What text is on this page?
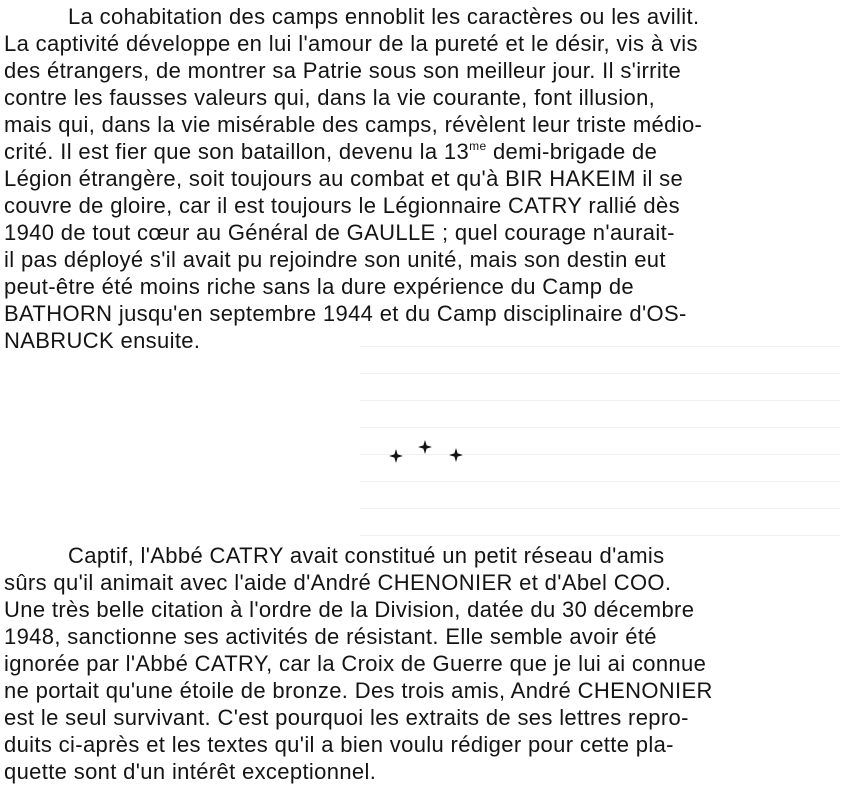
La cohabitation des camps ennoblit les caractères ou les avilit.
La captivité développe en lui l'amour de la pureté et le désir, vis à vis
des étrangers, de montrer sa Patrie sous son meilleur jour. Il s'irrite
contre les fausses valeurs qui, dans la vie courante, font illusion,
mais qui, dans la vie misérable des camps, révèlent leur triste médio-
crité. Il est fier que son bataillon, devenu la $13^{me}$ demi-brigade de
Légion étrangère, soit toujours au combat et qu'à BIR HAKEIM il se
couvre de gloire, car il est toujours le Légionnaire CATRY rallié dès
1940 de tout cœur au Général de GAULLE ; quel courage n'aurait-
il pas déployé s'il avait pu rejoindre son unité, mais son destin eut
peut-être été moins riche sans la dure expérience du Camp de
BATHORN jusqu'en septembre 1944 et du Camp disciplinaire d'OS-
NABRUCK ensuite.
Captif, l'Abbé CATRY avait constitué un petit réseau d'amis
sûrs qu'il animait avec l'aide d'André CHENONIER et d'Abel COO.
Une très belle citation à l'ordre de la Division, datée du 30 décembre
1948, sanctionne ses activités de résistant. Elle semble avoir été
ignorée par l'Abbé CATRY, car la Croix de Guerre que je lui ai connue
ne portait qu'une étoile de bronze. Des trois amis, André CHENONIER
est le seul survivant. C'est pourquoi les extraits de ses lettres repro-
duits ci-après et les textes qu'il a bien voulu rédiger pour cette pla-
quette sont d'un intérêt exceptionnel.
